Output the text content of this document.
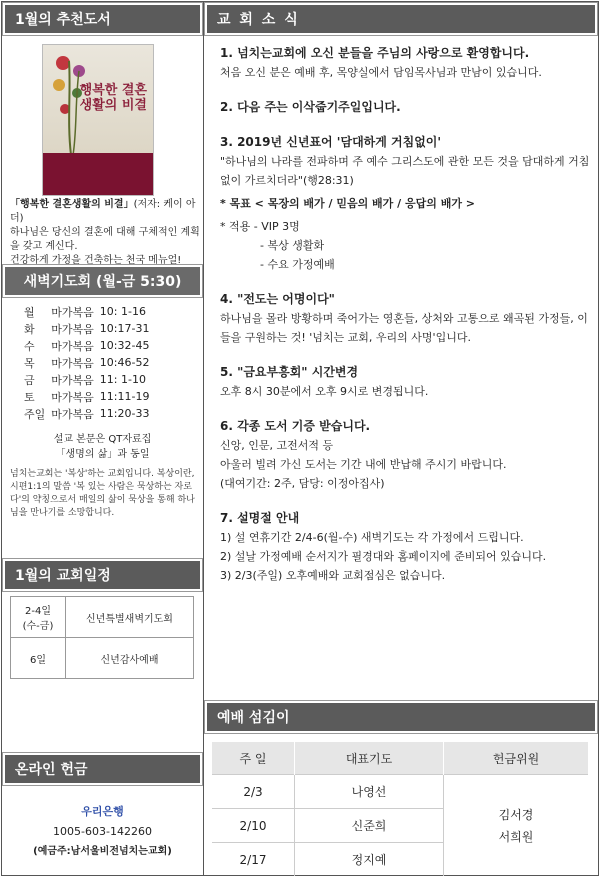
1월의 추천도서
행복한 결혼생활의 비결
「행복한 결혼생활의 비결」(저자: 케이 아더)
하나님은 당신의 결혼에 대해 구체적인 계획을 갖고 계신다.
건강하게 가정을 건축하는 천국 메뉴얼!
새벽기도회 (월-금 5:30)
월	마가복음	10: 1-16
화	마가복음	10:17-31
수	마가복음	10:32-45
목	마가복음	10:46-52
금	마가복음	11: 1-10
토	마가복음	11:11-19
주일	마가복음	11:20-33
설교 본문은 QT자료집
「생명의 삶」과 동일
넘치는교회는 '복상'하는 교회입니다. 복상이란, 시편1:1의 말씀 '복 있는 사람은 묵상하는 자로다'의 약칭으로서 매일의 삶이 묵상을 통해 하나님을 만나기를 소망합니다.
1월의 교회일정
2-4일
(수-금)	신년특별새벽기도회
6일	신년감사예배
온라인 헌금
우리은행
1005-603-142260
(예금주:남서울비전넘치는교회)
교 회 소 식

1. 넘치는교회에 오신 분들을 주님의 사랑으로 환영합니다.

처음 오신 분은 예배 후, 목양실에서 담임목사님과 만남이 있습니다.

2. 다음 주는 이삭줍기주일입니다.

3. 2019년 신년표어 '담대하게 거침없이'

"하나님의 나라를 전파하며 주 예수 그리스도에 관한 모든 것을 담대하게 거침없이 가르치더라"(행28:31)

* 목표 < 목장의 배가 / 믿음의 배가 / 응답의 배가 >

* 적용 - VIP 3명

- 복상 생활화

- 수요 가정예배

4. "전도는 어명이다"

하나님을 몰라 방황하며 죽어가는 영혼들, 상처와 고통으로 왜곡된 가정들, 이들을 구원하는 것! '넘치는 교회, 우리의 사명'입니다.

5. "금요부흥회" 시간변경

오후 8시 30분에서 오후 9시로 변경됩니다.

6. 각종 도서 기증 받습니다.

신앙, 인문, 고전서적 등

아울러 빌려 가신 도서는 기간 내에 반납해 주시기 바랍니다.

(대여기간: 2주, 담당: 이정아집사)

7. 설명절 안내

1) 설 연휴기간 2/4-6(월-수) 새벽기도는 각 가정에서 드립니다.

2) 설날 가정예배 순서지가 필경대와 홈페이지에 준비되어 있습니다.

3) 2/3(주일) 오후예배와 교회점심은 없습니다.

예배 섬김이
주 일	대표기도	헌금위원
2/3	나영선	김서경
서희원

2/10	신준희	
2/17	정지예	
